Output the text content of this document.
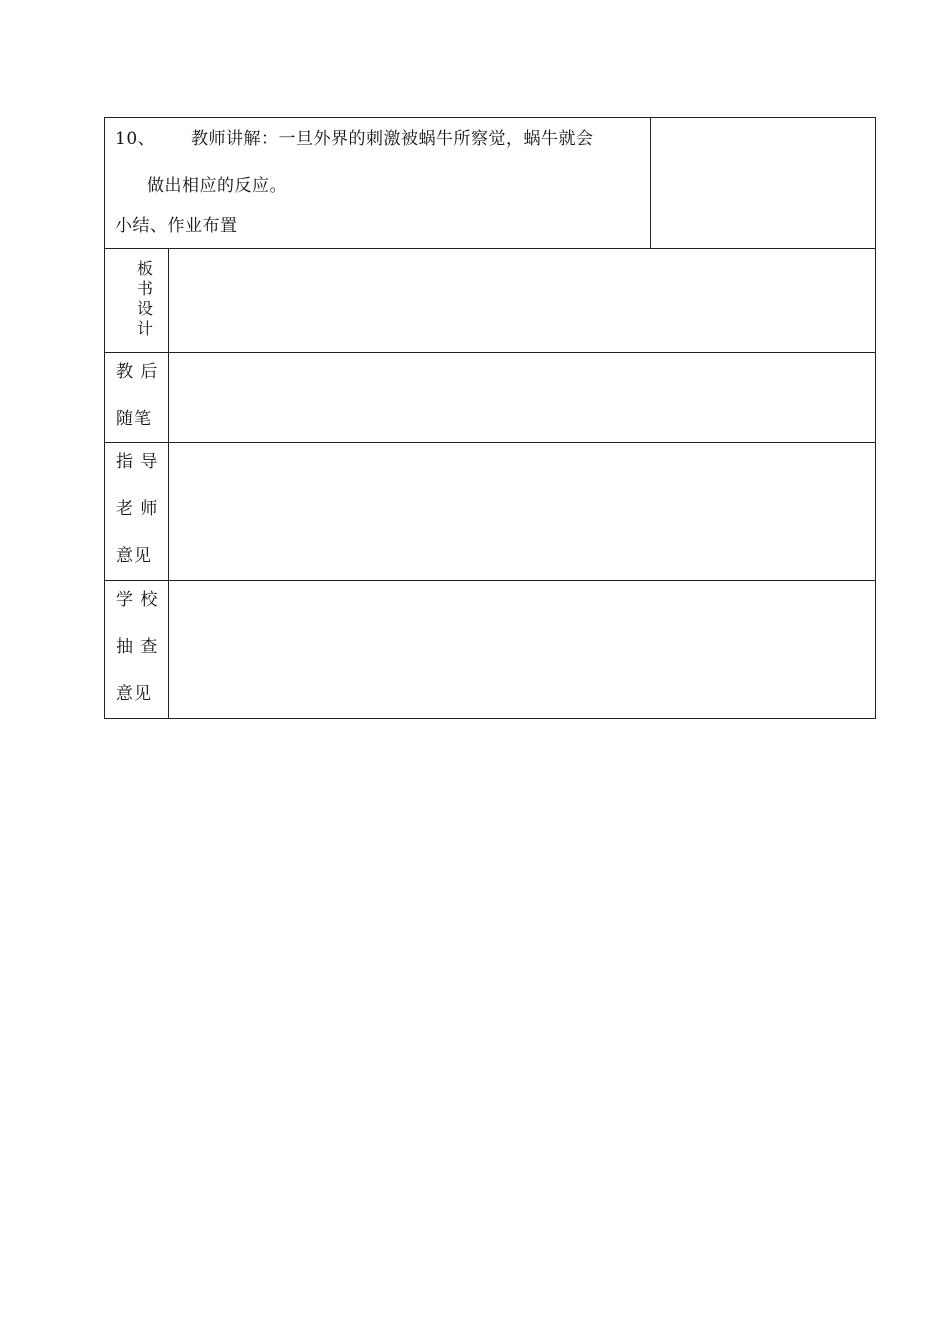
10、 教师讲解：一旦外界的刺激被蜗牛所察觉，蜗牛就会
做出相应的反应。
小结、作业布置
板书设计
教 后
随笔
指 导
老 师
意见
学 校
抽 查
意见
